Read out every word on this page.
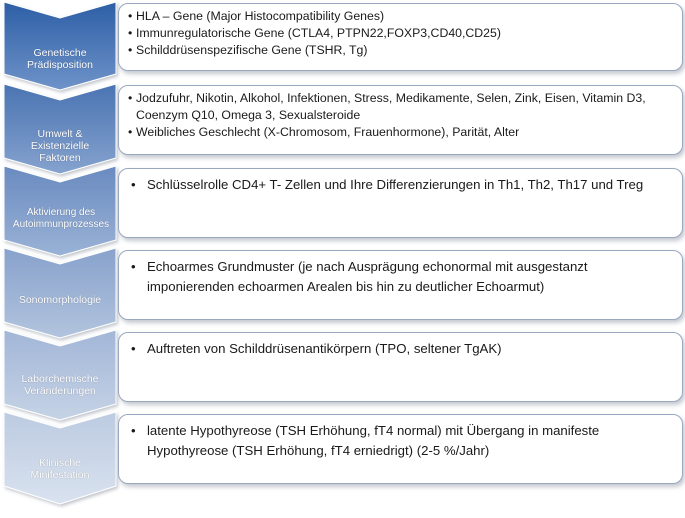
Genetische
Prädisposition
Umwelt &
Existenzielle
Faktoren
Aktivierung des
Autoimmunprozesses
Sonomorphologie
Laborchemische
Veränderungen
Klinische
Minifestation
• HLA – Gene (Major Histocompatibility Genes)
• Immunregulatorische Gene (CTLA4, PTPN22,FOXP3,CD40,CD25)
• Schilddrüsenspezifische Gene (TSHR, Tg)
• Jodzufuhr, Nikotin, Alkohol, Infektionen, Stress, Medikamente, Selen, Zink, Eisen, Vitamin D3, Coenzym Q10, Omega 3, Sexualsteroide
• Weibliches Geschlecht (X-Chromosom, Frauenhormone), Parität, Alter
• Schlüsselrolle CD4+ T- Zellen und Ihre Differenzierungen in Th1, Th2, Th17 und Treg
• Echoarmes Grundmuster (je nach Ausprägung echonormal mit ausgestanzt imponierenden echoarmen Arealen bis hin zu deutlicher Echoarmut)
• Auftreten von Schilddrüsenantikörpern (TPO, seltener TgAK)
• latente Hypothyreose (TSH Erhöhung, fT4 normal) mit Übergang in manifeste Hypothyreose (TSH Erhöhung, fT4 erniedrigt) (2-5 %/Jahr)
